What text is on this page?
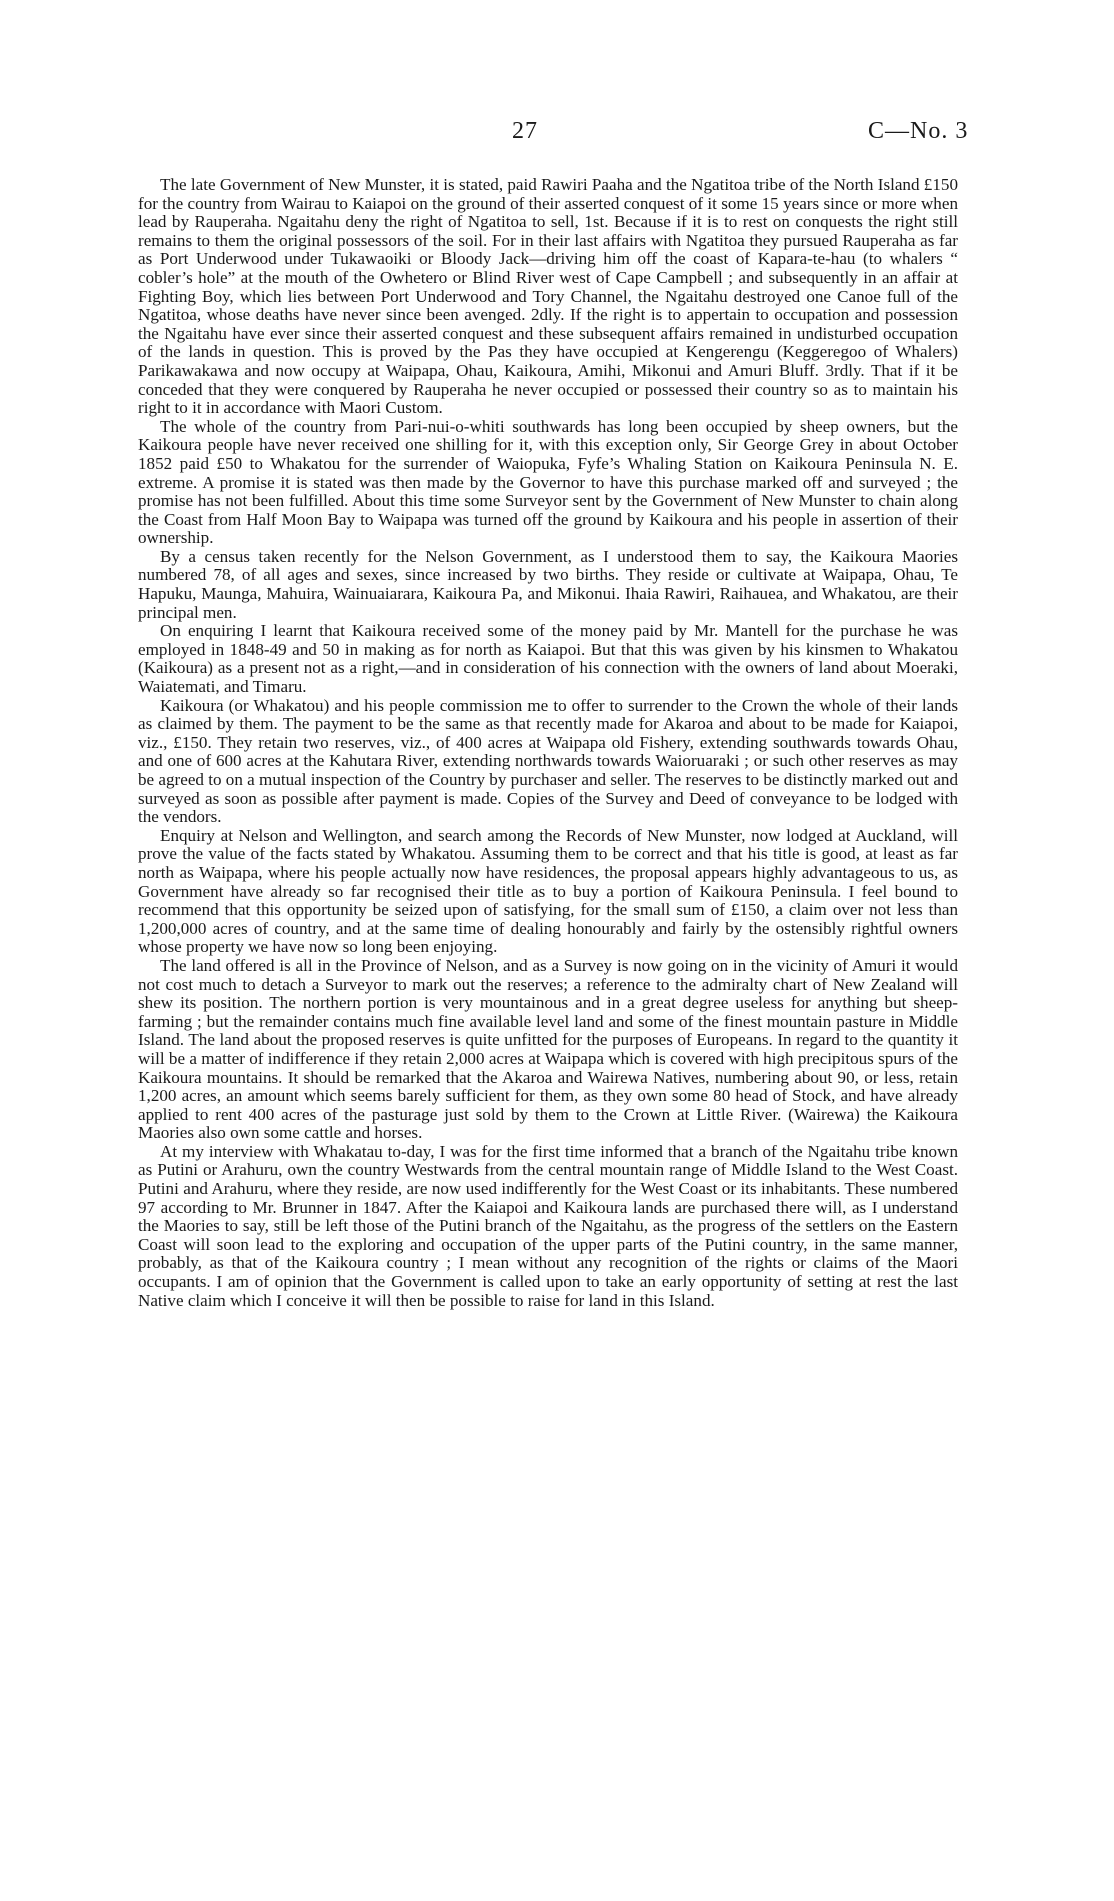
27	C—No. 3

The late Government of New Munster, it is stated, paid Rawiri Paaha and the Ngatitoa tribe of the North Island £150 for the country from Wairau to Kaiapoi on the ground of their asserted conquest of it some 15 years since or more when lead by Rauperaha. Ngaitahu deny the right of Ngatitoa to sell, 1st. Because if it is to rest on conquests the right still remains to them the original possessors of the soil. For in their last affairs with Ngatitoa they pursued Rauperaha as far as Port Underwood under Tukawaoiki or Bloody Jack—driving him off the coast of Kapara-te-hau (to whalers “ cobler’s hole” at the mouth of the Owhetero or Blind River west of Cape Campbell ; and subsequently in an affair at Fighting Boy, which lies between Port Underwood and Tory Channel, the Ngaitahu destroyed one Canoe full of the Ngatitoa, whose deaths have never since been avenged. 2dly. If the right is to appertain to occupation and possession the Ngaitahu have ever since their asserted conquest and these subsequent affairs remained in undisturbed occupation of the lands in question. This is proved by the Pas they have occupied at Kengerengu (Keggeregoo of Whalers) Parikawakawa and now occupy at Waipapa, Ohau, Kaikoura, Amihi, Mikonui and Amuri Bluff. 3rdly. That if it be conceded that they were conquered by Rauperaha he never occupied or possessed their country so as to maintain his right to it in accordance with Maori Custom.

The whole of the country from Pari-nui-o-whiti southwards has long been occupied by sheep owners, but the Kaikoura people have never received one shilling for it, with this exception only, Sir George Grey in about October 1852 paid £50 to Whakatou for the surrender of Waiopuka, Fyfe’s Whaling Station on Kaikoura Peninsula N. E. extreme. A promise it is stated was then made by the Governor to have this purchase marked off and surveyed ; the promise has not been fulfilled. About this time some Surveyor sent by the Government of New Munster to chain along the Coast from Half Moon Bay to Waipapa was turned off the ground by Kaikoura and his people in assertion of their ownership.

By a census taken recently for the Nelson Government, as I understood them to say, the Kaikoura Maories numbered 78, of all ages and sexes, since increased by two births. They reside or cultivate at Waipapa, Ohau, Te Hapuku, Maunga, Mahuira, Wainuaiarara, Kaikoura Pa, and Mikonui. Ihaia Rawiri, Raihauea, and Whakatou, are their principal men.

On enquiring I learnt that Kaikoura received some of the money paid by Mr. Mantell for the purchase he was employed in 1848-49 and 50 in making as for north as Kaiapoi. But that this was given by his kinsmen to Whakatou (Kaikoura) as a present not as a right,—and in consideration of his connection with the owners of land about Moeraki, Waiatemati, and Timaru.

Kaikoura (or Whakatou) and his people commission me to offer to surrender to the Crown the whole of their lands as claimed by them. The payment to be the same as that recently made for Akaroa and about to be made for Kaiapoi, viz., £150. They retain two reserves, viz., of 400 acres at Waipapa old Fishery, extending southwards towards Ohau, and one of 600 acres at the Kahutara River, extending northwards towards Waioruaraki ; or such other reserves as may be agreed to on a mutual inspection of the Country by purchaser and seller. The reserves to be distinctly marked out and surveyed as soon as possible after payment is made. Copies of the Survey and Deed of conveyance to be lodged with the vendors.

Enquiry at Nelson and Wellington, and search among the Records of New Munster, now lodged at Auckland, will prove the value of the facts stated by Whakatou. Assuming them to be correct and that his title is good, at least as far north as Waipapa, where his people actually now have residences, the proposal appears highly advantageous to us, as Government have already so far recognised their title as to buy a portion of Kaikoura Peninsula. I feel bound to recommend that this opportunity be seized upon of satisfying, for the small sum of £150, a claim over not less than 1,200,000 acres of country, and at the same time of dealing honourably and fairly by the ostensibly rightful owners whose property we have now so long been enjoying.

The land offered is all in the Province of Nelson, and as a Survey is now going on in the vicinity of Amuri it would not cost much to detach a Surveyor to mark out the reserves; a reference to the admiralty chart of New Zealand will shew its position. The northern portion is very mountainous and in a great degree useless for anything but sheep-farming ; but the remainder contains much fine available level land and some of the finest mountain pasture in Middle Island. The land about the proposed reserves is quite unfitted for the purposes of Europeans. In regard to the quantity it will be a matter of indifference if they retain 2,000 acres at Waipapa which is covered with high precipitous spurs of the Kaikoura mountains. It should be remarked that the Akaroa and Wairewa Natives, numbering about 90, or less, retain 1,200 acres, an amount which seems barely sufficient for them, as they own some 80 head of Stock, and have already applied to rent 400 acres of the pasturage just sold by them to the Crown at Little River. (Wairewa) the Kaikoura Maories also own some cattle and horses.

At my interview with Whakatau to-day, I was for the first time informed that a branch of the Ngaitahu tribe known as Putini or Arahuru, own the country Westwards from the central mountain range of Middle Island to the West Coast. Putini and Arahuru, where they reside, are now used indifferently for the West Coast or its inhabitants. These numbered 97 according to Mr. Brunner in 1847. After the Kaiapoi and Kaikoura lands are purchased there will, as I understand the Maories to say, still be left those of the Putini branch of the Ngaitahu, as the progress of the settlers on the Eastern Coast will soon lead to the exploring and occupation of the upper parts of the Putini country, in the same manner, probably, as that of the Kaikoura country ; I mean without any recognition of the rights or claims of the Maori occupants. I am of opinion that the Government is called upon to take an early opportunity of setting at rest the last Native claim which I conceive it will then be possible to raise for land in this Island.
